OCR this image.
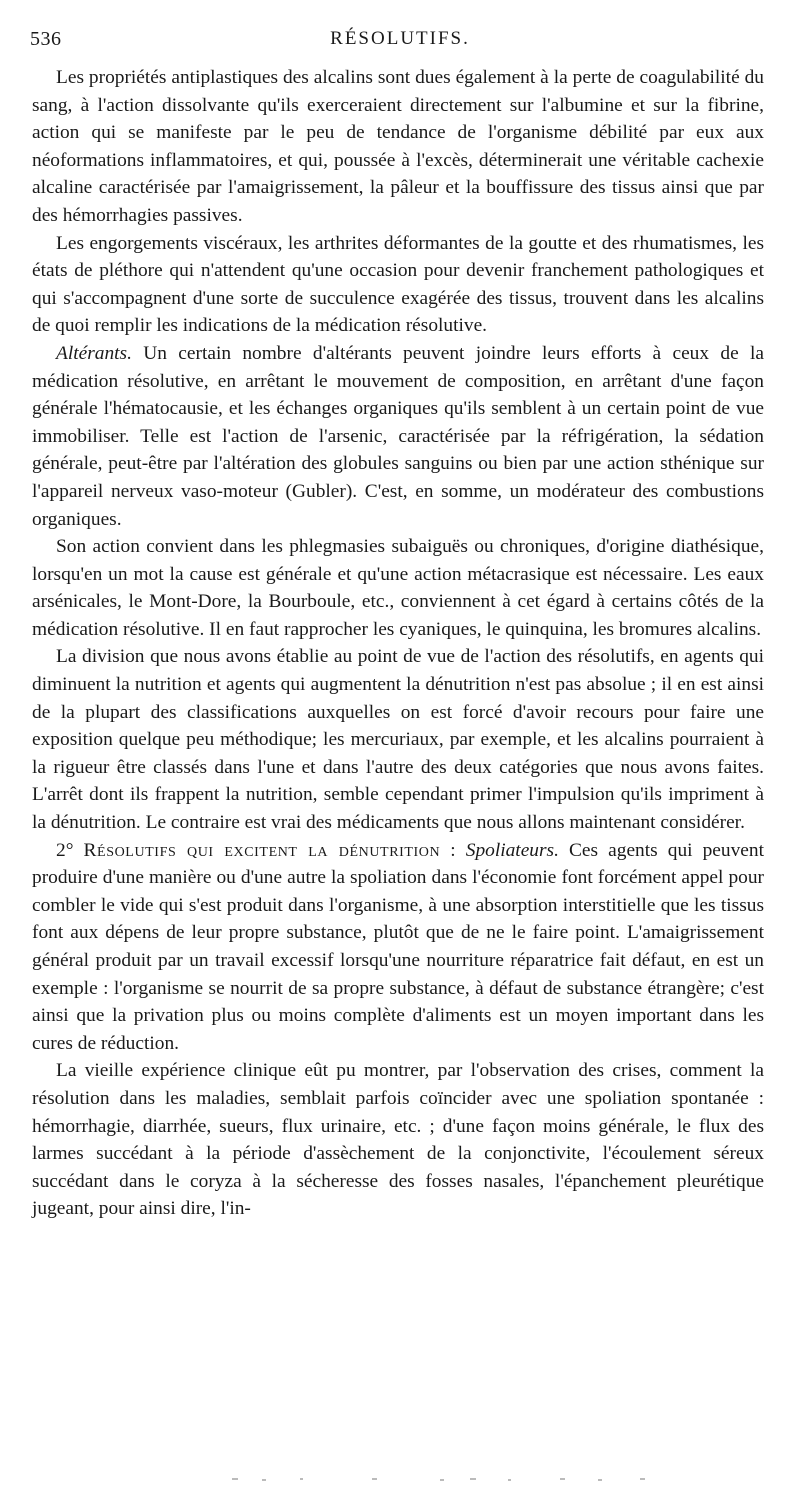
536	RÉSOLUTIFS.

Les propriétés antiplastiques des alcalins sont dues également à la perte de coagulabilité du sang, à l'action dissolvante qu'ils exerceraient directement sur l'albumine et sur la fibrine, action qui se manifeste par le peu de tendance de l'organisme débilité par eux aux néoformations inflammatoires, et qui, poussée à l'excès, déterminerait une véritable cachexie alcaline caractérisée par l'amaigrissement, la pâleur et la bouffissure des tissus ainsi que par des hémorrhagies passives.

Les engorgements viscéraux, les arthrites déformantes de la goutte et des rhumatismes, les états de pléthore qui n'attendent qu'une occasion pour devenir franchement pathologiques et qui s'accompagnent d'une sorte de succulence exagérée des tissus, trouvent dans les alcalins de quoi remplir les indications de la médication résolutive.

Altérants. Un certain nombre d'altérants peuvent joindre leurs efforts à ceux de la médication résolutive, en arrêtant le mouvement de composition, en arrêtant d'une façon générale l'hématocausie, et les échanges organiques qu'ils semblent à un certain point de vue immobiliser. Telle est l'action de l'arsenic, caractérisée par la réfrigération, la sédation générale, peut-être par l'altération des globules sanguins ou bien par une action sthénique sur l'appareil nerveux vaso-moteur (Gubler). C'est, en somme, un modérateur des combustions organiques.

Son action convient dans les phlegmasies subaiguës ou chroniques, d'origine diathésique, lorsqu'en un mot la cause est générale et qu'une action métacrasique est nécessaire. Les eaux arsénicales, le Mont-Dore, la Bourboule, etc., conviennent à cet égard à certains côtés de la médication résolutive. Il en faut rapprocher les cyaniques, le quinquina, les bromures alcalins.

La division que nous avons établie au point de vue de l'action des résolutifs, en agents qui diminuent la nutrition et agents qui augmentent la dénutrition n'est pas absolue ; il en est ainsi de la plupart des classifications auxquelles on est forcé d'avoir recours pour faire une exposition quelque peu méthodique; les mercuriaux, par exemple, et les alcalins pourraient à la rigueur être classés dans l'une et dans l'autre des deux catégories que nous avons faites. L'arrêt dont ils frappent la nutrition, semble cependant primer l'impulsion qu'ils impriment à la dénutrition. Le contraire est vrai des médicaments que nous allons maintenant considérer.

2° Résolutifs qui excitent la dénutrition : Spoliateurs. Ces agents qui peuvent produire d'une manière ou d'une autre la spoliation dans l'économie font forcément appel pour combler le vide qui s'est produit dans l'organisme, à une absorption interstitielle que les tissus font aux dépens de leur propre substance, plutôt que de ne le faire point. L'amaigrissement général produit par un travail excessif lorsqu'une nourriture réparatrice fait défaut, en est un exemple : l'organisme se nourrit de sa propre substance, à défaut de substance étrangère; c'est ainsi que la privation plus ou moins complète d'aliments est un moyen important dans les cures de réduction.

La vieille expérience clinique eût pu montrer, par l'observation des crises, comment la résolution dans les maladies, semblait parfois coïncider avec une spoliation spontanée : hémorrhagie, diarrhée, sueurs, flux urinaire, etc. ; d'une façon moins générale, le flux des larmes succédant à la période d'assèchement de la conjonctivite, l'écoulement séreux succédant dans le coryza à la sécheresse des fosses nasales, l'épanchement pleurétique jugeant, pour ainsi dire, l'in-
